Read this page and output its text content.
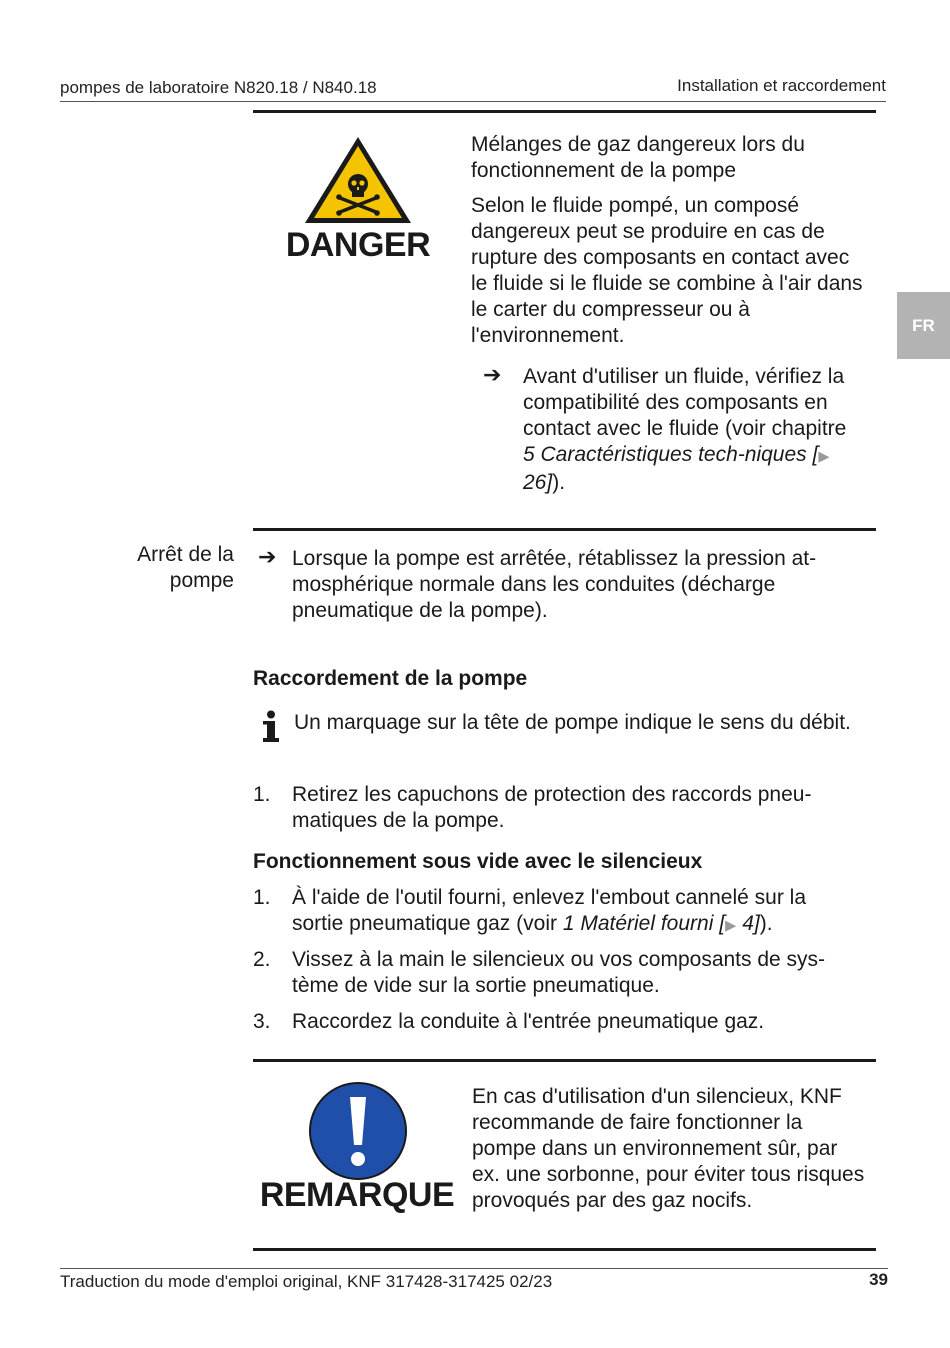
pompes de laboratoire N820.18 / N840.18	Installation et raccordement
FR
DANGER

Mélanges de gaz dangereux lors du fonctionnement de la pompe

Selon le fluide pompé, un composé dangereux peut se produire en cas de rupture des composants en contact avec le fluide si le fluide se combine à l'air dans le carter du compresseur ou à l'environnement.

➔ Avant d'utiliser un fluide, vérifiez la compatibilité des composants en contact avec le fluide (voir chapitre 5 Caractéristiques tech-niques [▶ 26]).
Arrêt de la
pompe
➔ Lorsque la pompe est arrêtée, rétablissez la pression at-mosphérique normale dans les conduites (décharge pneumatique de la pompe).
Raccordement de la pompe
Un marquage sur la tête de pompe indique le sens du débit.
1.	Retirez les capuchons de protection des raccords pneu-matiques de la pompe.
Fonctionnement sous vide avec le silencieux
1.	À l'aide de l'outil fourni, enlevez l'embout cannelé sur la sortie pneumatique gaz (voir 1 Matériel fourni [▶ 4]).
2.	Vissez à la main le silencieux ou vos composants de sys-tème de vide sur la sortie pneumatique.
3.	Raccordez la conduite à l'entrée pneumatique gaz.
REMARQUE
En cas d'utilisation d'un silencieux, KNF recommande de faire fonctionner la pompe dans un environnement sûr, par ex. une sorbonne, pour éviter tous risques provoqués par des gaz nocifs.
Traduction du mode d'emploi original, KNF 317428-317425 02/23	39
